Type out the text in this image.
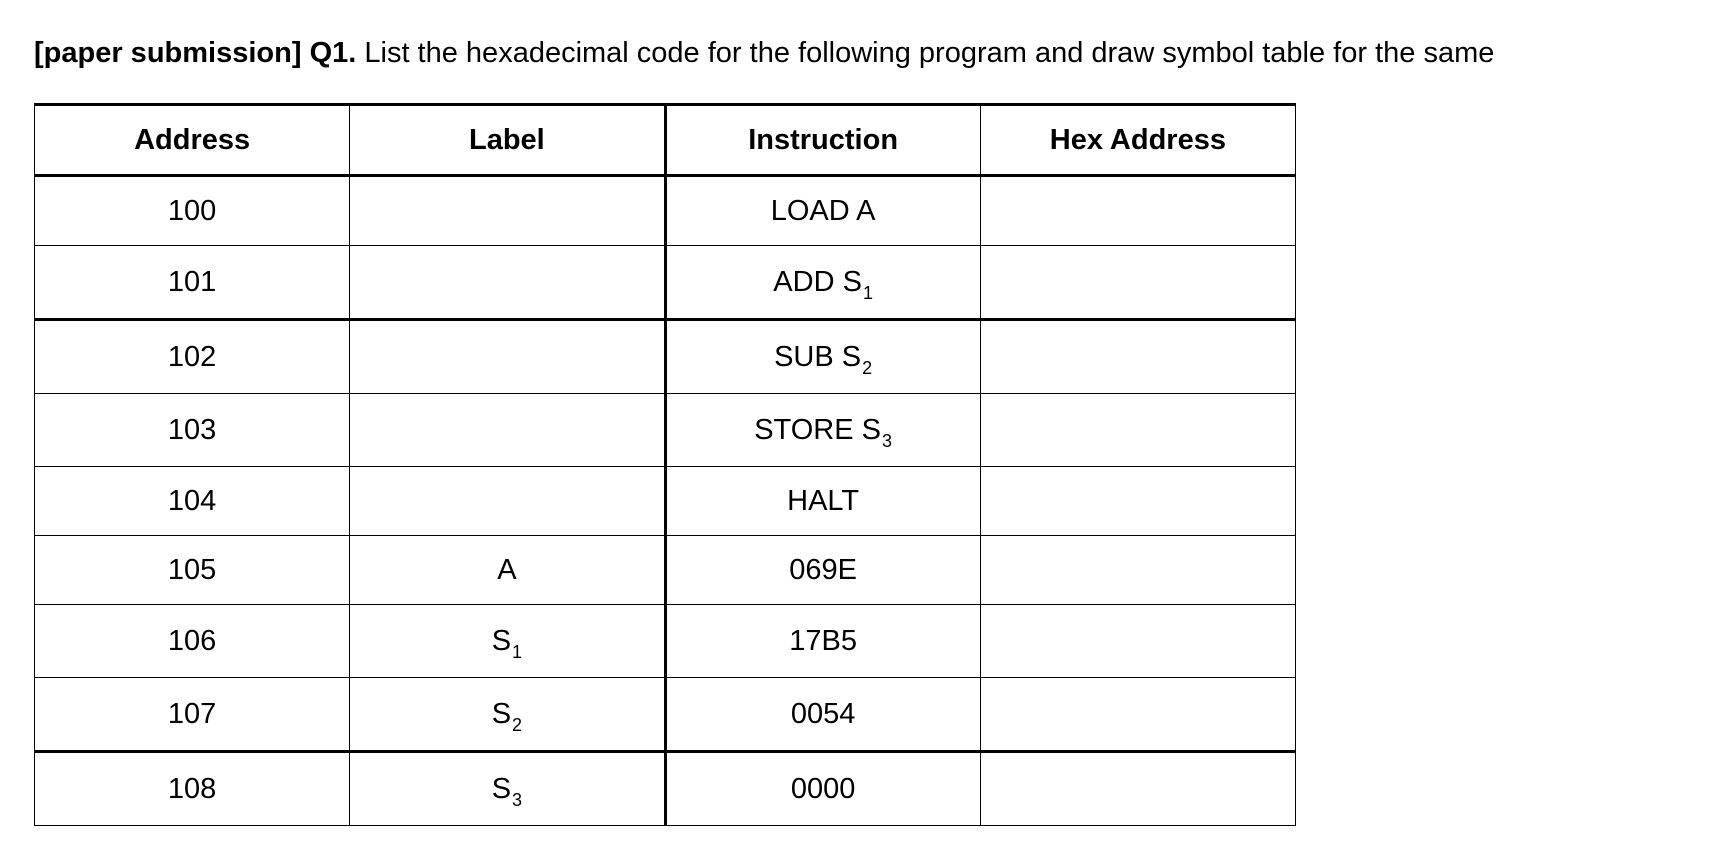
[paper submission] Q1. List the hexadecimal code for the following program and draw symbol table for the same
Address	Label	Instruction	Hex Address
100		LOAD A	
101		ADD $S_1$	
102		SUB $S_2$	
103		STORE $S_3$	
104		HALT	
105	A	069E	
106	$S_1$	17B5	
107	$S_2$	0054	
108	$S_3$	0000	
